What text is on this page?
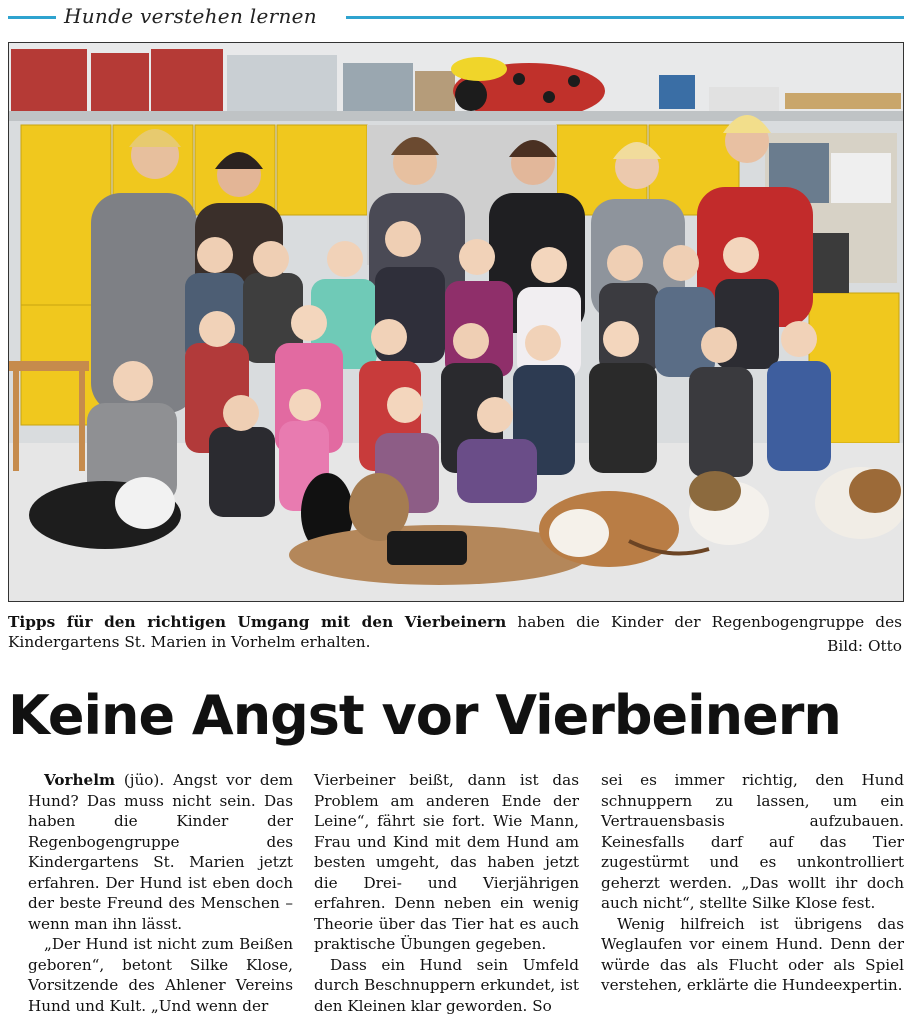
Hunde verstehen lernen
Tipps für den richtigen Umgang mit den Vierbeinern haben die Kinder der Regenbogengruppe des Kindergartens St. Marien in Vorhelm erhalten.	Bild: Otto
Keine Angst vor Vierbeinern

Vorhelm (jüo). Angst vor dem Hund? Das muss nicht sein. Das haben die Kinder der Regenbogengruppe des Kindergartens St. Marien jetzt erfahren. Der Hund ist eben doch der beste Freund des Menschen – wenn man ihn lässt.

„Der Hund ist nicht zum Beißen geboren“, betont Silke Klose, Vorsitzende des Ahlener Vereins Hund und Kult. „Und wenn der

Vierbeiner beißt, dann ist das Problem am anderen Ende der Leine“, fährt sie fort. Wie Mann, Frau und Kind mit dem Hund am besten umgeht, das haben jetzt die Drei- und Vierjährigen erfahren. Denn neben ein wenig Theorie über das Tier hat es auch praktische Übungen gegeben.

Dass ein Hund sein Umfeld durch Beschnuppern erkundet, ist den Kleinen klar geworden. So

sei es immer richtig, den Hund schnuppern zu lassen, um ein Vertrauensbasis aufzubauen. Keinesfalls darf auf das Tier zugestürmt und es unkontrolliert geherzt werden. „Das wollt ihr doch auch nicht“, stellte Silke Klose fest.

Wenig hilfreich ist übrigens das Weglaufen vor einem Hund. Denn der würde das als Flucht oder als Spiel verstehen, erklärte die Hundeexpertin.
